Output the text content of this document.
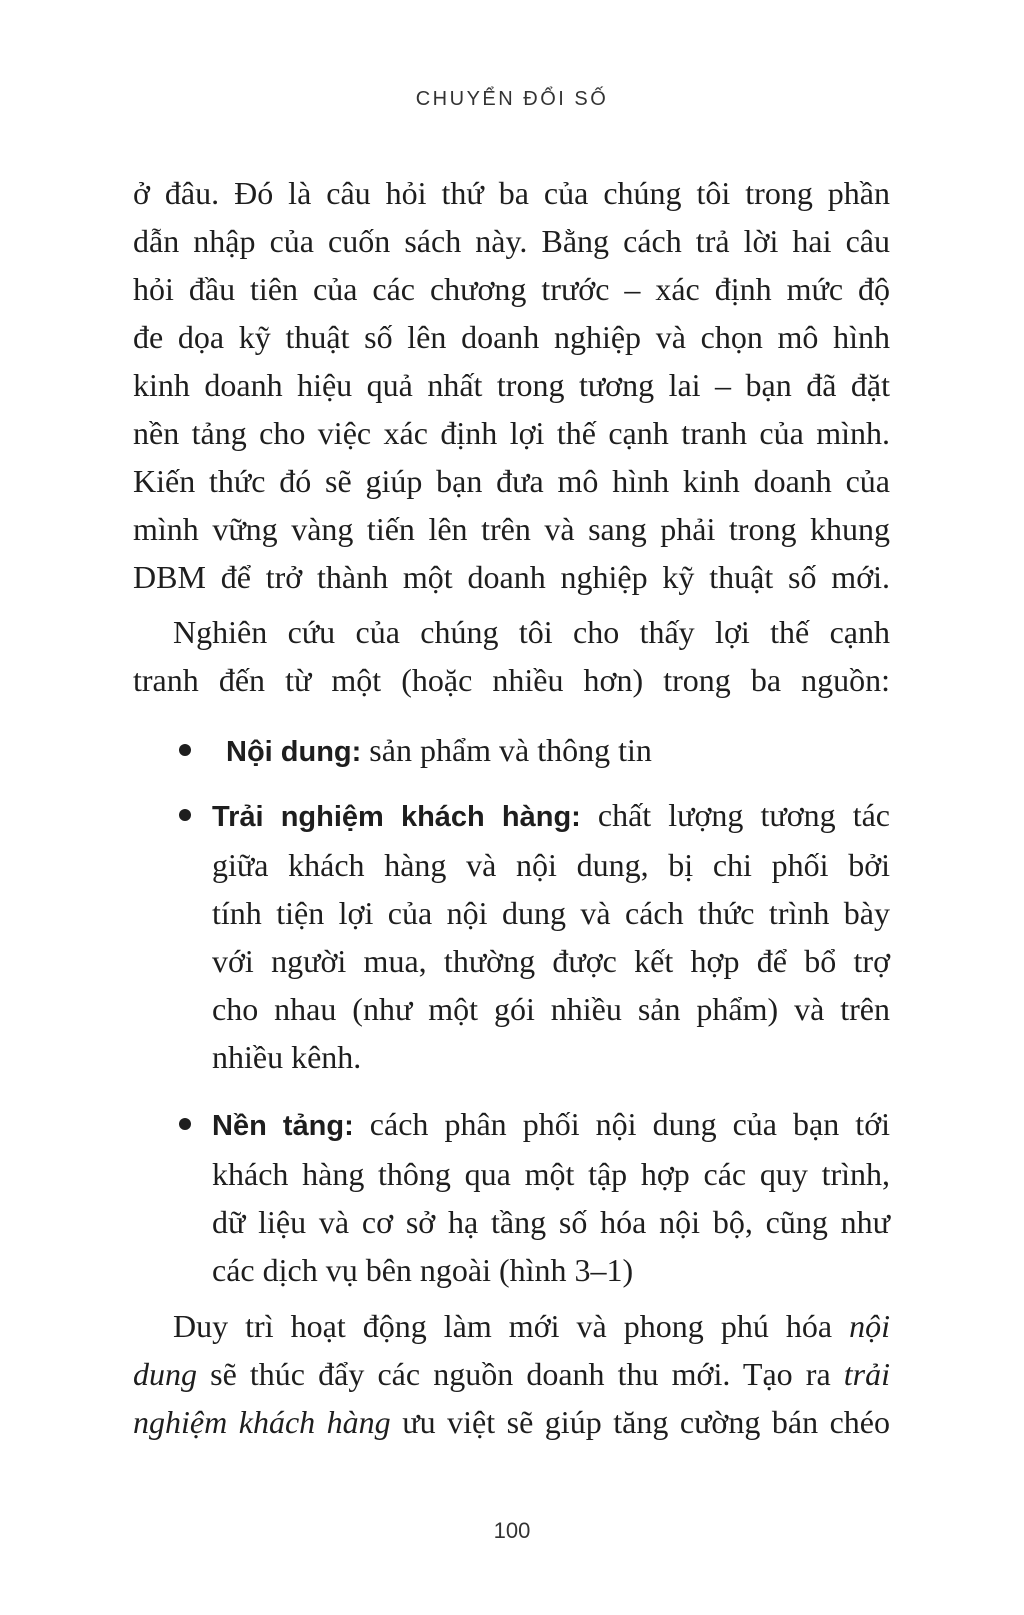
CHUYỂN ĐỔI SỐ
ở đâu. Đó là câu hỏi thứ ba của chúng tôi trong phần
dẫn nhập của cuốn sách này. Bằng cách trả lời hai câu
hỏi đầu tiên của các chương trước – xác định mức độ
đe dọa kỹ thuật số lên doanh nghiệp và chọn mô hình
kinh doanh hiệu quả nhất trong tương lai – bạn đã đặt
nền tảng cho việc xác định lợi thế cạnh tranh của mình.
Kiến thức đó sẽ giúp bạn đưa mô hình kinh doanh của
mình vững vàng tiến lên trên và sang phải trong khung
DBM để trở thành một doanh nghiệp kỹ thuật số mới.
Nghiên cứu của chúng tôi cho thấy lợi thế cạnh
tranh đến từ một (hoặc nhiều hơn) trong ba nguồn:
Nội dung: sản phẩm và thông tin
Trải nghiệm khách hàng: chất lượng tương tác
giữa khách hàng và nội dung, bị chi phối bởi
tính tiện lợi của nội dung và cách thức trình bày
với người mua, thường được kết hợp để bổ trợ
cho nhau (như một gói nhiều sản phẩm) và trên
nhiều kênh.
Nền tảng: cách phân phối nội dung của bạn tới
khách hàng thông qua một tập hợp các quy trình,
dữ liệu và cơ sở hạ tầng số hóa nội bộ, cũng như
các dịch vụ bên ngoài (hình 3–1)
Duy trì hoạt động làm mới và phong phú hóa nội
dung sẽ thúc đẩy các nguồn doanh thu mới. Tạo ra trải
nghiệm khách hàng ưu việt sẽ giúp tăng cường bán chéo
100
